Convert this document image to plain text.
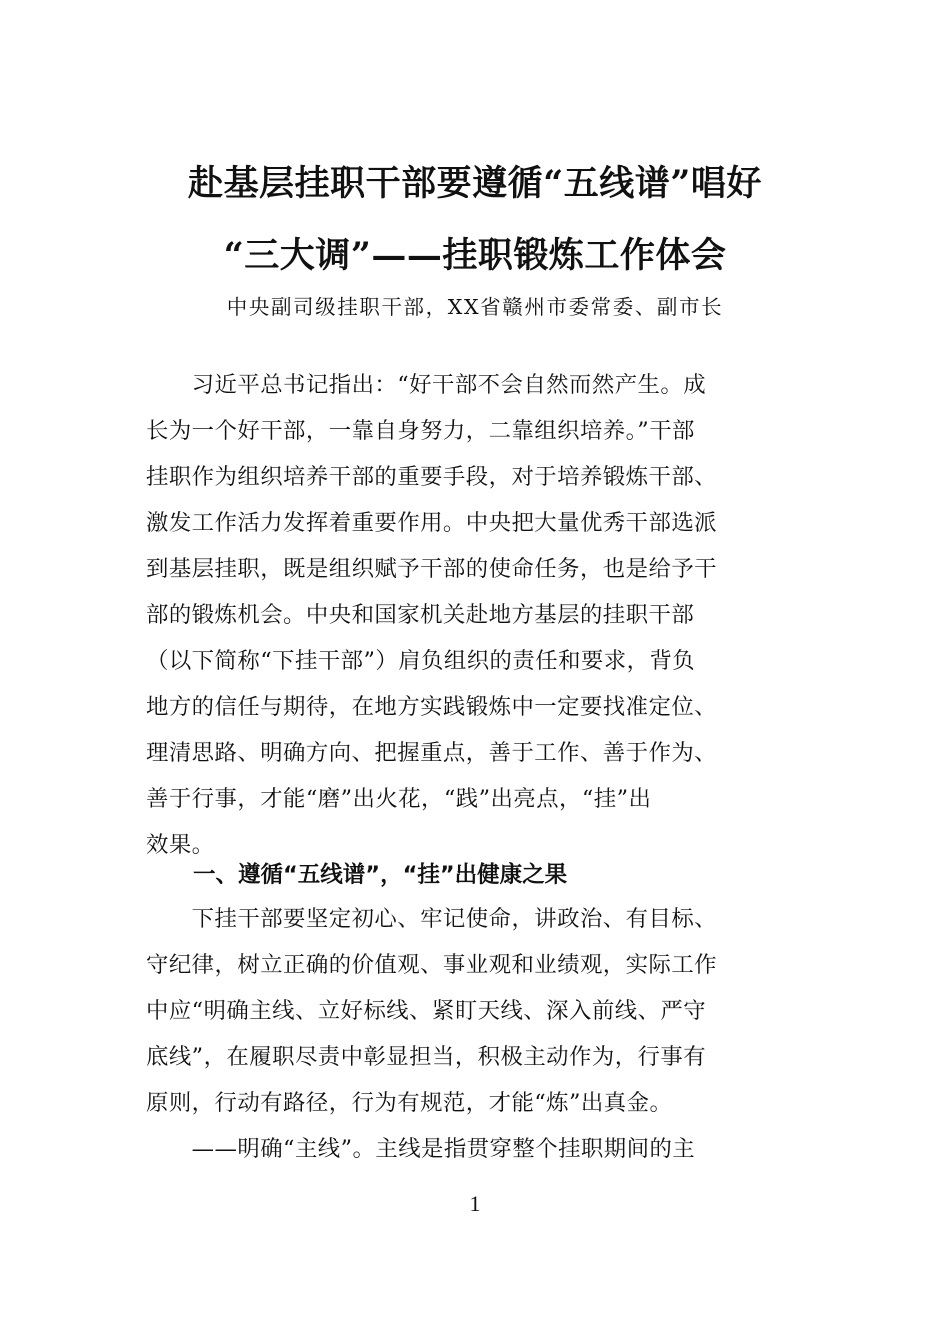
赴基层挂职干部要遵循“五线谱”唱好
“三大调”——挂职锻炼工作体会
中央副司级挂职干部，XX省赣州市委常委、副市长
　　习近平总书记指出：“好干部不会自然而然产生。成
长为一个好干部，一靠自身努力，二靠组织培养。”干部
挂职作为组织培养干部的重要手段，对于培养锻炼干部、
激发工作活力发挥着重要作用。中央把大量优秀干部选派
到基层挂职，既是组织赋予干部的使命任务，也是给予干
部的锻炼机会。中央和国家机关赴地方基层的挂职干部
（以下简称“下挂干部”）肩负组织的责任和要求，背负
地方的信任与期待，在地方实践锻炼中一定要找准定位、
理清思路、明确方向、把握重点，善于工作、善于作为、
善于行事，才能“磨”出火花，“践”出亮点，“挂”出
效果。
一、遵循“五线谱”，“挂”出健康之果
　　下挂干部要坚定初心、牢记使命，讲政治、有目标、
守纪律，树立正确的价值观、事业观和业绩观，实际工作
中应“明确主线、立好标线、紧盯天线、深入前线、严守
底线”，在履职尽责中彰显担当，积极主动作为，行事有
原则，行动有路径，行为有规范，才能“炼”出真金。
　　——明确“主线”。主线是指贯穿整个挂职期间的主
1
